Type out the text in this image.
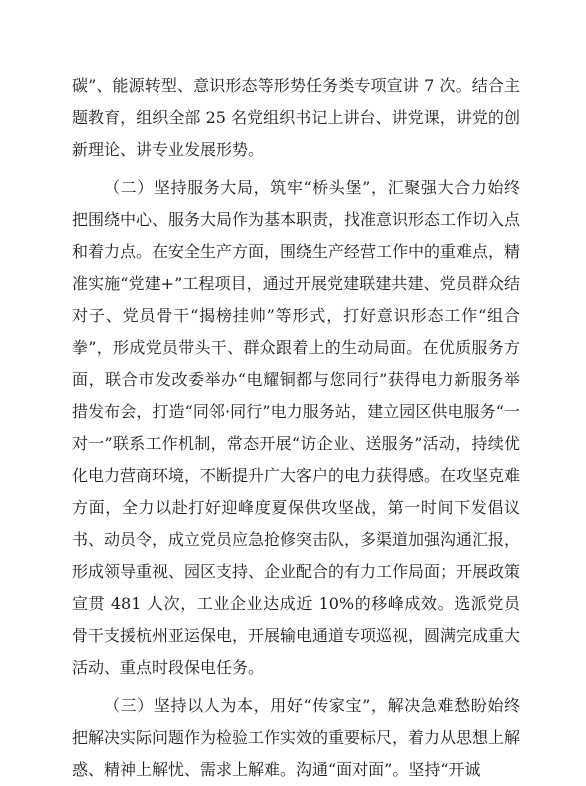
碳”、能源转型、意识形态等形势任务类专项宣讲 7 次。结合主题教育，组织全部 25 名党组织书记上讲台、讲党课，讲党的创新理论、讲专业发展形势。

（二）坚持服务大局，筑牢“桥头堡”，汇聚强大合力始终把围绕中心、服务大局作为基本职责，找准意识形态工作切入点和着力点。在安全生产方面，围绕生产经营工作中的重难点，精准实施“党建+”工程项目，通过开展党建联建共建、党员群众结对子、党员骨干“揭榜挂帅”等形式，打好意识形态工作“组合拳”，形成党员带头干、群众跟着上的生动局面。在优质服务方面，联合市发改委举办“电耀铜都与您同行”获得电力新服务举措发布会，打造“同邻·同行”电力服务站，建立园区供电服务“一对一”联系工作机制，常态开展“访企业、送服务”活动，持续优化电力营商环境，不断提升广大客户的电力获得感。在攻坚克难方面，全力以赴打好迎峰度夏保供攻坚战，第一时间下发倡议书、动员令，成立党员应急抢修突击队，多渠道加强沟通汇报，形成领导重视、园区支持、企业配合的有力工作局面；开展政策宣贯 481 人次，工业企业达成近 10%的移峰成效。选派党员骨干支援杭州亚运保电，开展输电通道专项巡视，圆满完成重大活动、重点时段保电任务。

（三）坚持以人为本，用好“传家宝”，解决急难愁盼始终把解决实际问题作为检验工作实效的重要标尺，着力从思想上解惑、精神上解忧、需求上解难。沟通“面对面”。坚持“开诚
